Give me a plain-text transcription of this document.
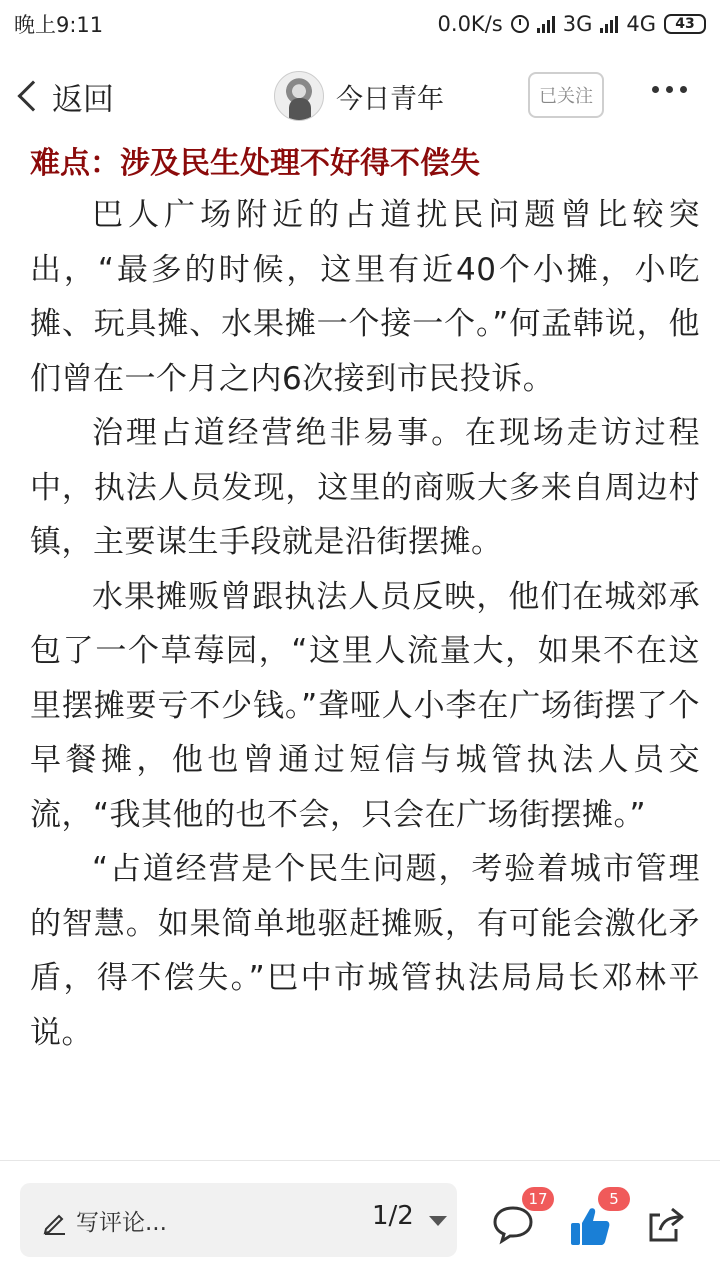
晚上9:11	0.0K/s	3G 4G 43
返回	今日青年	已关注
难点：涉及民生处理不好得不偿失

巴人广场附近的占道扰民问题曾比较突出，“最多的时候，这里有近40个小摊，小吃摊、玩具摊、水果摊一个接一个。”何孟韩说，他们曾在一个月之内6次接到市民投诉。

治理占道经营绝非易事。在现场走访过程中，执法人员发现，这里的商贩大多来自周边村镇，主要谋生手段就是沿街摆摊。

水果摊贩曾跟执法人员反映，他们在城郊承包了一个草莓园，“这里人流量大，如果不在这里摆摊要亏不少钱。”聋哑人小李在广场街摆了个早餐摊，他也曾通过短信与城管执法人员交流，“我其他的也不会，只会在广场街摆摊。”

“占道经营是个民生问题，考验着城市管理的智慧。如果简单地驱赶摊贩，有可能会激化矛盾，得不偿失。”巴中市城管执法局局长邓林平说。

写评论...	1/2
17	5
